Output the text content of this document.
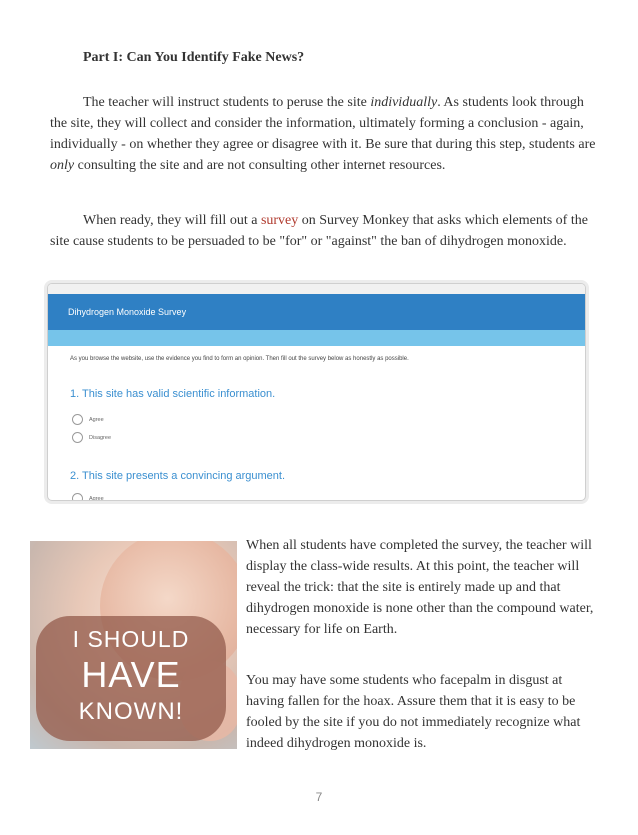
Part I: Can You Identify Fake News?

The teacher will instruct students to peruse the site individually. As students look through the site, they will collect and consider the information, ultimately forming a conclusion - again, individually - on whether they agree or disagree with it. Be sure that during this step, students are only consulting the site and are not consulting other internet resources.

When ready, they will fill out a survey on Survey Monkey that asks which elements of the site cause students to be persuaded to be "for" or "against" the ban of dihydrogen monoxide.

Dihydrogen Monoxide Survey
As you browse the website, use the evidence you find to form an opinion. Then fill out the survey below as honestly as possible.
1. This site has valid scientific information.
Agree
Disagree
2. This site presents a convincing argument.
Agree
I SHOULD
HAVE
KNOWN!

When all students have completed the survey, the teacher will display the class-wide results. At this point, the teacher will reveal the trick: that the site is entirely made up and that dihydrogen monoxide is none other than the compound water, necessary for life on Earth.

You may have some students who facepalm in disgust at having fallen for the hoax. Assure them that it is easy to be fooled by the site if you do not immediately recognize what indeed dihydrogen monoxide is.

7
